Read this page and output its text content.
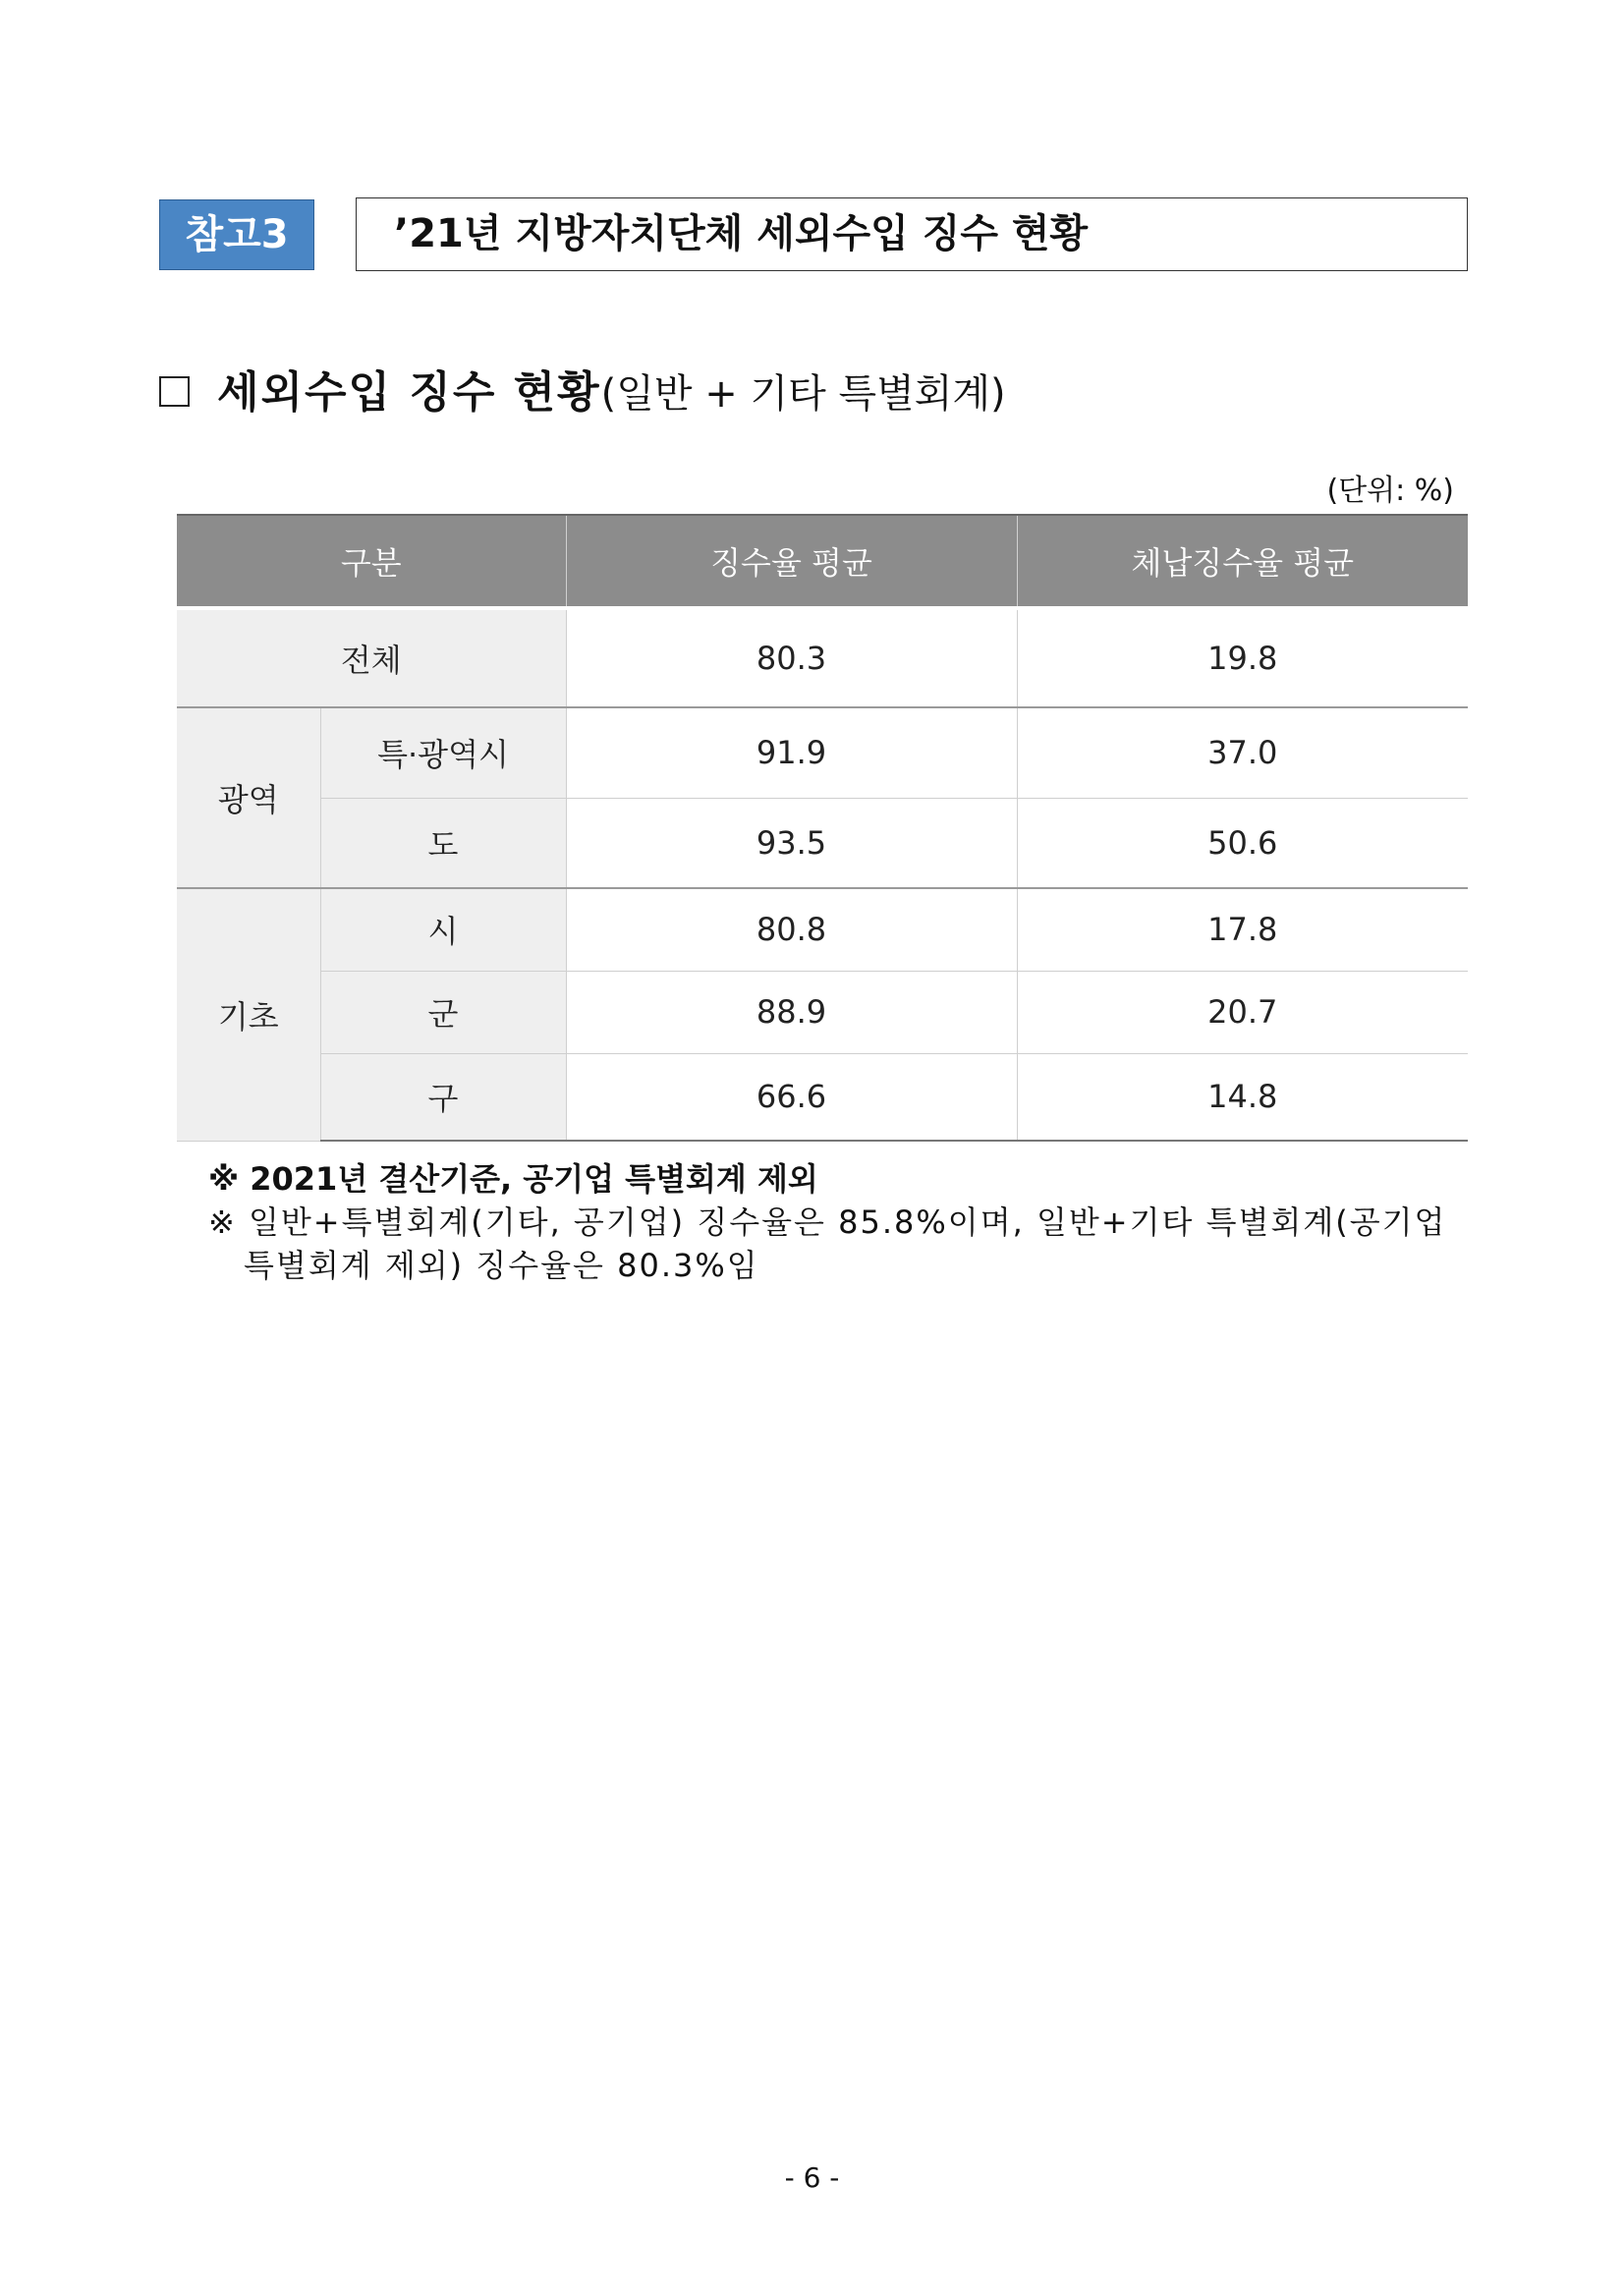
참고3	’21년 지방자치단체 세외수입 징수 현황
세외수입 징수 현황(일반 + 기타 특별회계)
(단위: %)
구분		징수율 평균	체납징수율 평균
전체		80.3	19.8
광역	특·광역시	91.9	37.0
	도	93.5	50.6
기초	시	80.8	17.8
	군	88.9	20.7
	구	66.6	14.8
※ 2021년 결산기준, 공기업 특별회계 제외
※ 일반+특별회계(기타, 공기업) 징수율은 85.8%이며, 일반+기타 특별회계(공기업
특별회계 제외) 징수율은 80.3%임
- 6 -
